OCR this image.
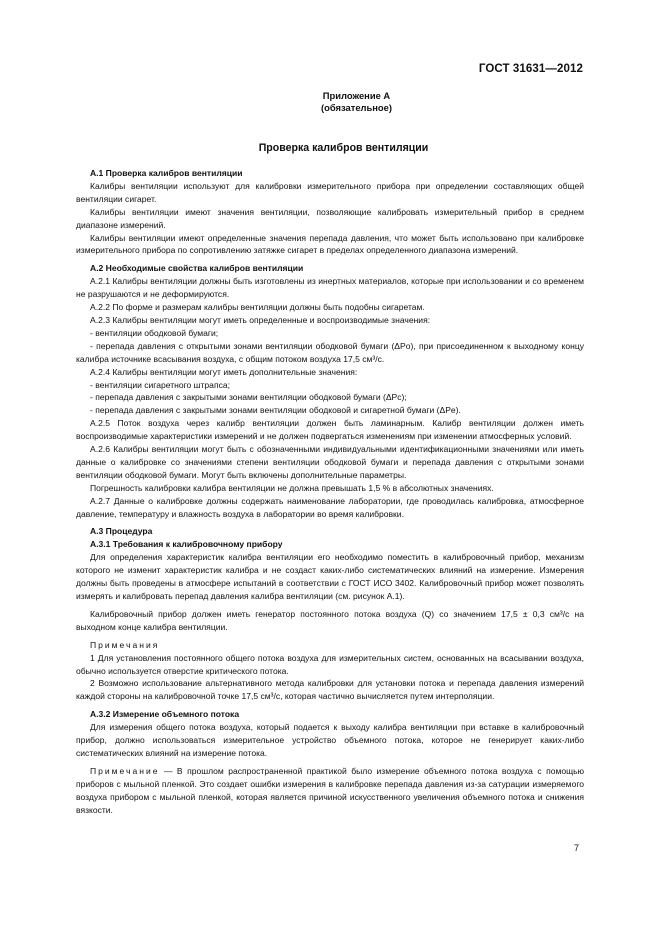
ГОСТ 31631—2012
Приложение А
(обязательное)
Проверка калибров вентиляции
А.1 Проверка калибров вентиляции

Калибры вентиляции используют для калибровки измерительного прибора при определении составляющих общей вентиляции сигарет.

Калибры вентиляции имеют значения вентиляции, позволяющие калибровать измерительный прибор в среднем диапазоне измерений.

Калибры вентиляции имеют определенные значения перепада давления, что может быть использовано при калибровке измерительного прибора по сопротивлению затяжке сигарет в пределах определенного диапазона измерений.

А.2 Необходимые свойства калибров вентиляции

А.2.1 Калибры вентиляции должны быть изготовлены из инертных материалов, которые при использовании и со временем не разрушаются и не деформируются.

А.2.2 По форме и размерам калибры вентиляции должны быть подобны сигаретам.

А.2.3 Калибры вентиляции могут иметь определенные и воспроизводимые значения:

- вентиляции ободковой бумаги;

- перепада давления с открытыми зонами вентиляции ободковой бумаги (ΔPo), при присоединенном к выходному концу калибра источнике всасывания воздуха, с общим потоком воздуха 17,5 см³/с.

А.2.4 Калибры вентиляции могут иметь дополнительные значения:

- вентиляции сигаретного штрапса;

- перепада давления с закрытыми зонами вентиляции ободковой бумаги (ΔPc);

- перепада давления с закрытыми зонами вентиляции ободковой и сигаретной бумаги (ΔPe).

А.2.5 Поток воздуха через калибр вентиляции должен быть ламинарным. Калибр вентиляции должен иметь воспроизводимые характеристики измерений и не должен подвергаться изменениям при изменении атмосферных условий.

А.2.6 Калибры вентиляции могут быть с обозначенными индивидуальными идентификационными значениями или иметь данные о калибровке со значениями степени вентиляции ободковой бумаги и перепада давления с открытыми зонами вентиляции ободковой бумаги. Могут быть включены дополнительные параметры.

Погрешность калибровки калибра вентиляции не должна превышать 1,5 % в абсолютных значениях.

А.2.7 Данные о калибровке должны содержать наименование лаборатории, где проводилась калибровка, атмосферное давление, температуру и влажность воздуха в лаборатории во время калибровки.

А.3 Процедура
А.3.1 Требования к калибровочному прибору

Для определения характеристик калибра вентиляции его необходимо поместить в калибровочный прибор, механизм которого не изменит характеристик калибра и не создаст каких-либо систематических влияний на измерение. Измерения должны быть проведены в атмосфере испытаний в соответствии с ГОСТ ИСО 3402. Калибровочный прибор может позволять измерять и калибровать перепад давления калибра вентиляции (см. рисунок А.1).

Калибровочный прибор должен иметь генератор постоянного потока воздуха (Q) со значением 17,5 ± 0,3 см³/с на выходном конце калибра вентиляции.

Примечания

1 Для установления постоянного общего потока воздуха для измерительных систем, основанных на всасывании воздуха, обычно используется отверстие критического потока.

2 Возможно использование альтернативного метода калибровки для установки потока и перепада давления измерений каждой стороны на калибровочной точке 17,5 см³/с, которая частично вычисляется путем интерполяции.

А.3.2 Измерение объемного потока

Для измерения общего потока воздуха, который подается к выходу калибра вентиляции при вставке в калибровочный прибор, должно использоваться измерительное устройство объемного потока, которое не генерирует каких-либо систематических влияний на измерение потока.

Примечание — В прошлом распространенной практикой было измерение объемного потока воздуха с помощью приборов с мыльной пленкой. Это создает ошибки измерения в калибровке перепада давления из-за сатурации измеряемого воздуха прибором с мыльной пленкой, которая является причиной искусственного увеличения объемного потока и снижения вязкости.

7
